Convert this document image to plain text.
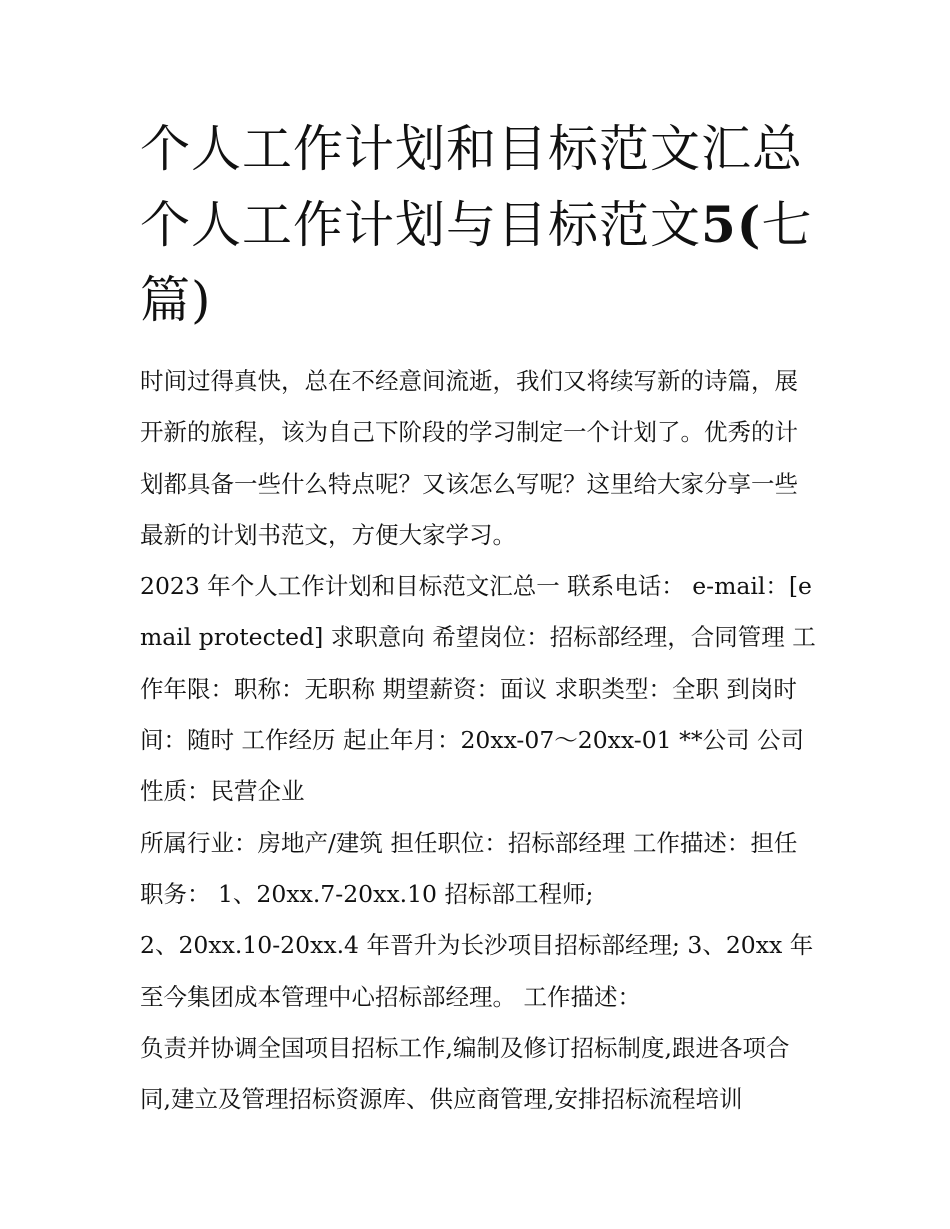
个人工作计划和目标范文汇总个人工作计划与目标范文5(七篇)

时间过得真快，总在不经意间流逝，我们又将续写新的诗篇，展开新的旅程，该为自己下阶段的学习制定一个计划了。优秀的计划都具备一些什么特点呢？又该怎么写呢？这里给大家分享一些最新的计划书范文，方便大家学习。

2023 年个人工作计划和目标范文汇总一 联系电话： e-mail：[email protected] 求职意向 希望岗位：招标部经理，合同管理 工作年限：职称：无职称 期望薪资：面议 求职类型：全职 到岗时间：随时 工作经历 起止年月：20xx-07～20xx-01 **公司 公司性质：民营企业

所属行业：房地产/建筑 担任职位：招标部经理 工作描述：担任职务： 1、20xx.7-20xx.10 招标部工程师;

2、20xx.10-20xx.4 年晋升为长沙项目招标部经理; 3、20xx 年至今集团成本管理中心招标部经理。 工作描述：

负责并协调全国项目招标工作,编制及修订招标制度,跟进各项合同,建立及管理招标资源库、供应商管理,安排招标流程培训
